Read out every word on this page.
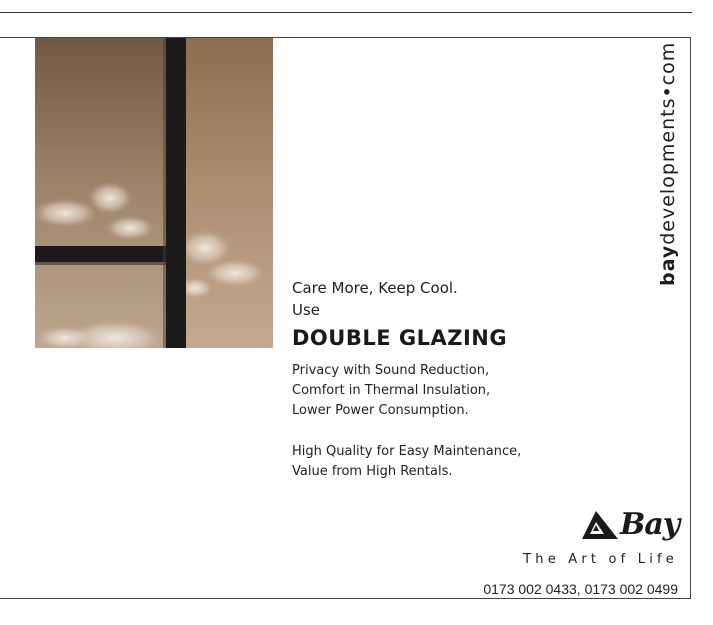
baydevelopments•com
Care More, Keep Cool.
Use
DOUBLE GLAZING
Privacy with Sound Reduction,
Comfort in Thermal Insulation,
Lower Power Consumption.
High Quality for Easy Maintenance,
Value from High Rentals.
Bay
The Art of Life
0173 002 0433, 0173 002 0499
